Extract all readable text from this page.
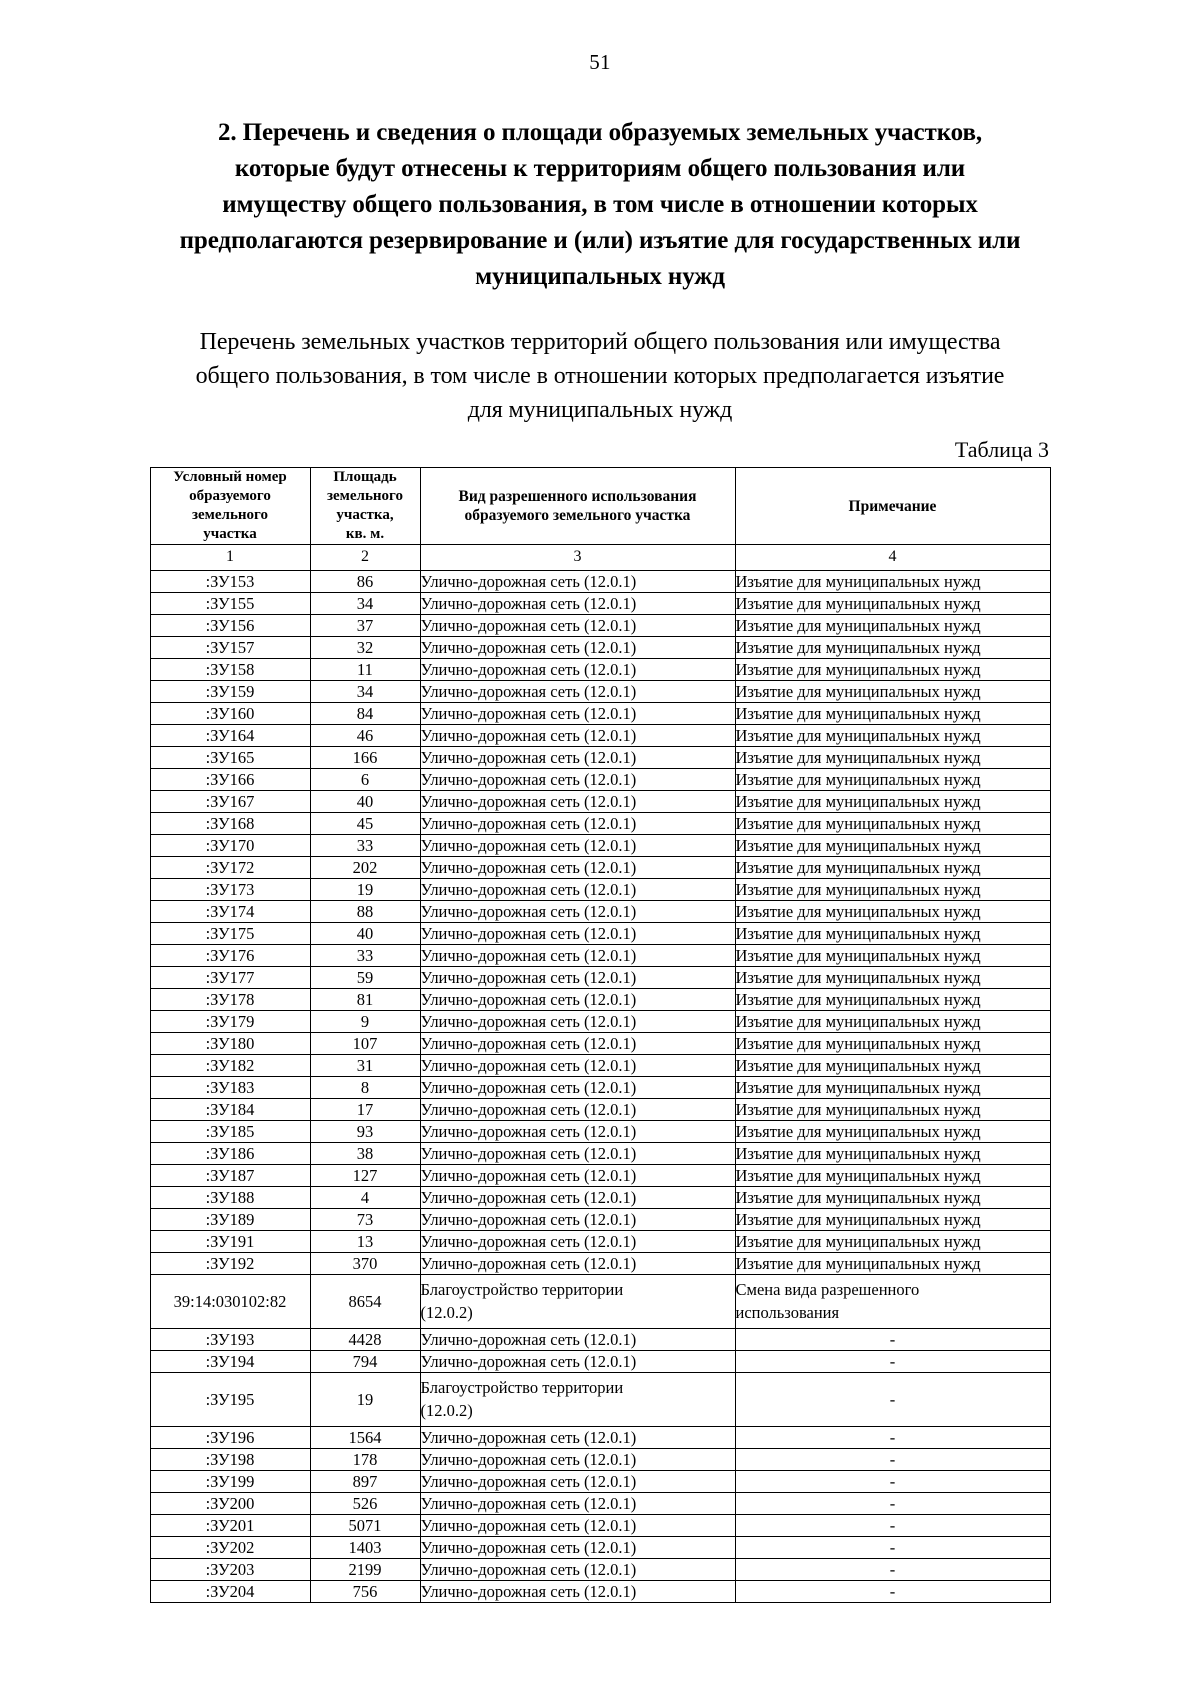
51
2. Перечень и сведения о площади образуемых земельных участков,
которые будут отнесены к территориям общего пользования или
имуществу общего пользования, в том числе в отношении которых
предполагаются резервирование и (или) изъятие для государственных или
муниципальных нужд

Перечень земельных участков территорий общего пользования или имущества
общего пользования, в том числе в отношении которых предполагается изъятие
для муниципальных нужд

Таблица 3
Условный номер
образуемого
земельного
участка	Площадь
земельного
участка,
кв. м.	Вид разрешенного использования
образуемого земельного участка	Примечание

1	2	3	4
:ЗУ153	86	Улично-дорожная сеть (12.0.1)	Изъятие для муниципальных нужд
:ЗУ155	34	Улично-дорожная сеть (12.0.1)	Изъятие для муниципальных нужд
:ЗУ156	37	Улично-дорожная сеть (12.0.1)	Изъятие для муниципальных нужд
:ЗУ157	32	Улично-дорожная сеть (12.0.1)	Изъятие для муниципальных нужд
:ЗУ158	11	Улично-дорожная сеть (12.0.1)	Изъятие для муниципальных нужд
:ЗУ159	34	Улично-дорожная сеть (12.0.1)	Изъятие для муниципальных нужд
:ЗУ160	84	Улично-дорожная сеть (12.0.1)	Изъятие для муниципальных нужд
:ЗУ164	46	Улично-дорожная сеть (12.0.1)	Изъятие для муниципальных нужд
:ЗУ165	166	Улично-дорожная сеть (12.0.1)	Изъятие для муниципальных нужд
:ЗУ166	6	Улично-дорожная сеть (12.0.1)	Изъятие для муниципальных нужд
:ЗУ167	40	Улично-дорожная сеть (12.0.1)	Изъятие для муниципальных нужд
:ЗУ168	45	Улично-дорожная сеть (12.0.1)	Изъятие для муниципальных нужд
:ЗУ170	33	Улично-дорожная сеть (12.0.1)	Изъятие для муниципальных нужд
:ЗУ172	202	Улично-дорожная сеть (12.0.1)	Изъятие для муниципальных нужд
:ЗУ173	19	Улично-дорожная сеть (12.0.1)	Изъятие для муниципальных нужд
:ЗУ174	88	Улично-дорожная сеть (12.0.1)	Изъятие для муниципальных нужд
:ЗУ175	40	Улично-дорожная сеть (12.0.1)	Изъятие для муниципальных нужд
:ЗУ176	33	Улично-дорожная сеть (12.0.1)	Изъятие для муниципальных нужд
:ЗУ177	59	Улично-дорожная сеть (12.0.1)	Изъятие для муниципальных нужд
:ЗУ178	81	Улично-дорожная сеть (12.0.1)	Изъятие для муниципальных нужд
:ЗУ179	9	Улично-дорожная сеть (12.0.1)	Изъятие для муниципальных нужд
:ЗУ180	107	Улично-дорожная сеть (12.0.1)	Изъятие для муниципальных нужд
:ЗУ182	31	Улично-дорожная сеть (12.0.1)	Изъятие для муниципальных нужд
:ЗУ183	8	Улично-дорожная сеть (12.0.1)	Изъятие для муниципальных нужд
:ЗУ184	17	Улично-дорожная сеть (12.0.1)	Изъятие для муниципальных нужд
:ЗУ185	93	Улично-дорожная сеть (12.0.1)	Изъятие для муниципальных нужд
:ЗУ186	38	Улично-дорожная сеть (12.0.1)	Изъятие для муниципальных нужд
:ЗУ187	127	Улично-дорожная сеть (12.0.1)	Изъятие для муниципальных нужд
:ЗУ188	4	Улично-дорожная сеть (12.0.1)	Изъятие для муниципальных нужд
:ЗУ189	73	Улично-дорожная сеть (12.0.1)	Изъятие для муниципальных нужд
:ЗУ191	13	Улично-дорожная сеть (12.0.1)	Изъятие для муниципальных нужд
:ЗУ192	370	Улично-дорожная сеть (12.0.1)	Изъятие для муниципальных нужд
39:14:030102:82	8654	Благоустройство территории
(12.0.2)	Смена вида разрешенного
использования

:ЗУ193	4428	Улично-дорожная сеть (12.0.1)	-
:ЗУ194	794	Улично-дорожная сеть (12.0.1)	-
:ЗУ195	19	Благоустройство территории
(12.0.2)	-
:ЗУ196	1564	Улично-дорожная сеть (12.0.1)	-
:ЗУ198	178	Улично-дорожная сеть (12.0.1)	-
:ЗУ199	897	Улично-дорожная сеть (12.0.1)	-
:ЗУ200	526	Улично-дорожная сеть (12.0.1)	-
:ЗУ201	5071	Улично-дорожная сеть (12.0.1)	-
:ЗУ202	1403	Улично-дорожная сеть (12.0.1)	-
:ЗУ203	2199	Улично-дорожная сеть (12.0.1)	-
:ЗУ204	756	Улично-дорожная сеть (12.0.1)	-
